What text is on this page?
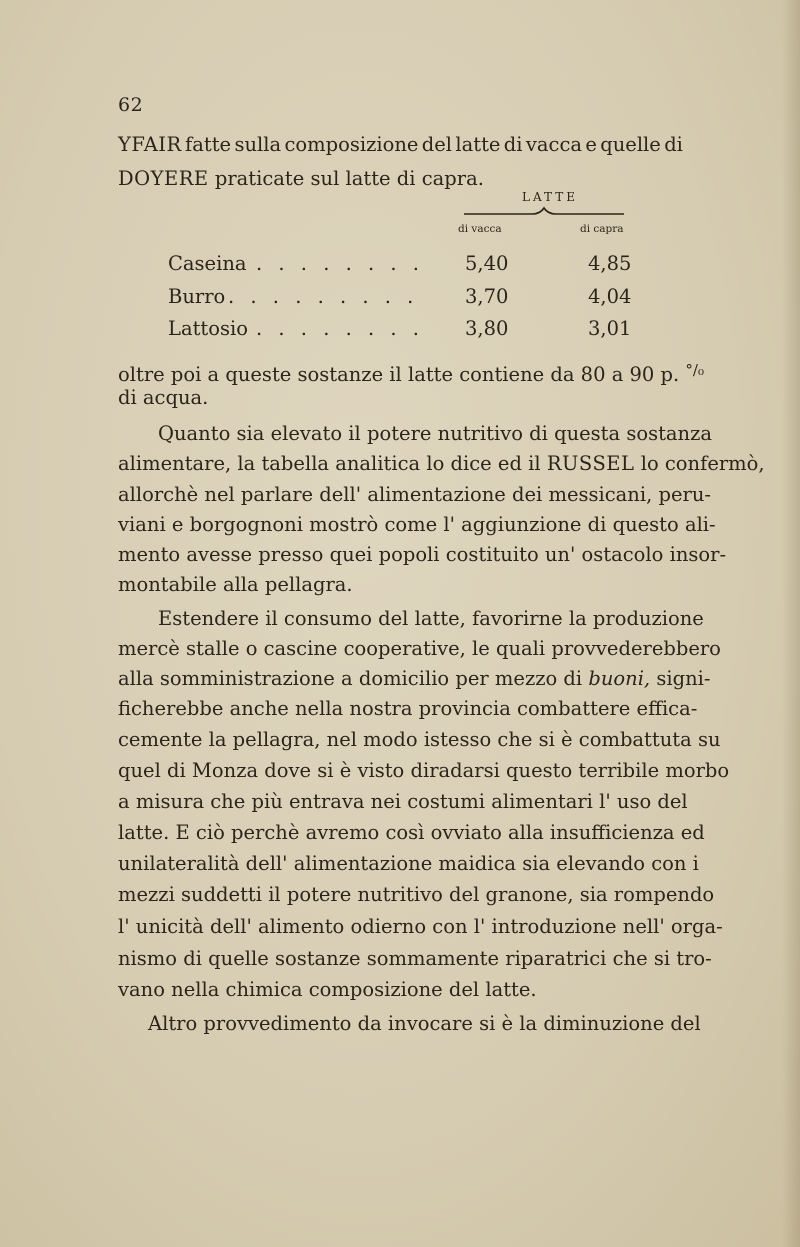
62
YFAIR fatte sulla composizione del latte di vacca e quelle di
DOYERE praticate sul latte di capra.
LATTE
di vacca	di capra
Caseina . . . . . . . . 5,40	4,85
Burro . . . . . . . . . 3,70	4,04
Lattosio . . . . . . . . 3,80	3,01
oltre poi a queste sostanze il latte contiene da 80 a 90 p. $^{^\circ/_0}$
di acqua.
Quanto sia elevato il potere nutritivo di questa sostanza
alimentare, la tabella analitica lo dice ed il RUSSEL lo confermò,
allorchè nel parlare dell' alimentazione dei messicani, peru-
viani e borgognoni mostrò come l' aggiunzione di questo ali-
mento avesse presso quei popoli costituito un' ostacolo insor-
montabile alla pellagra.
Estendere il consumo del latte, favorirne la produzione
mercè stalle o cascine cooperative, le quali provvederebbero
alla somministrazione a domicilio per mezzo di buoni, signi-
ficherebbe anche nella nostra provincia combattere effica-
cemente la pellagra, nel modo istesso che si è combattuta su
quel di Monza dove si è visto diradarsi questo terribile morbo
a misura che più entrava nei costumi alimentari l' uso del
latte. E ciò perchè avremo così ovviato alla insufficienza ed
unilateralità dell' alimentazione maidica sia elevando con i
mezzi suddetti il potere nutritivo del granone, sia rompendo
l' unicità dell' alimento odierno con l' introduzione nell' orga-
nismo di quelle sostanze sommamente riparatrici che si tro-
vano nella chimica composizione del latte.
Altro provvedimento da invocare si è la diminuzione del
